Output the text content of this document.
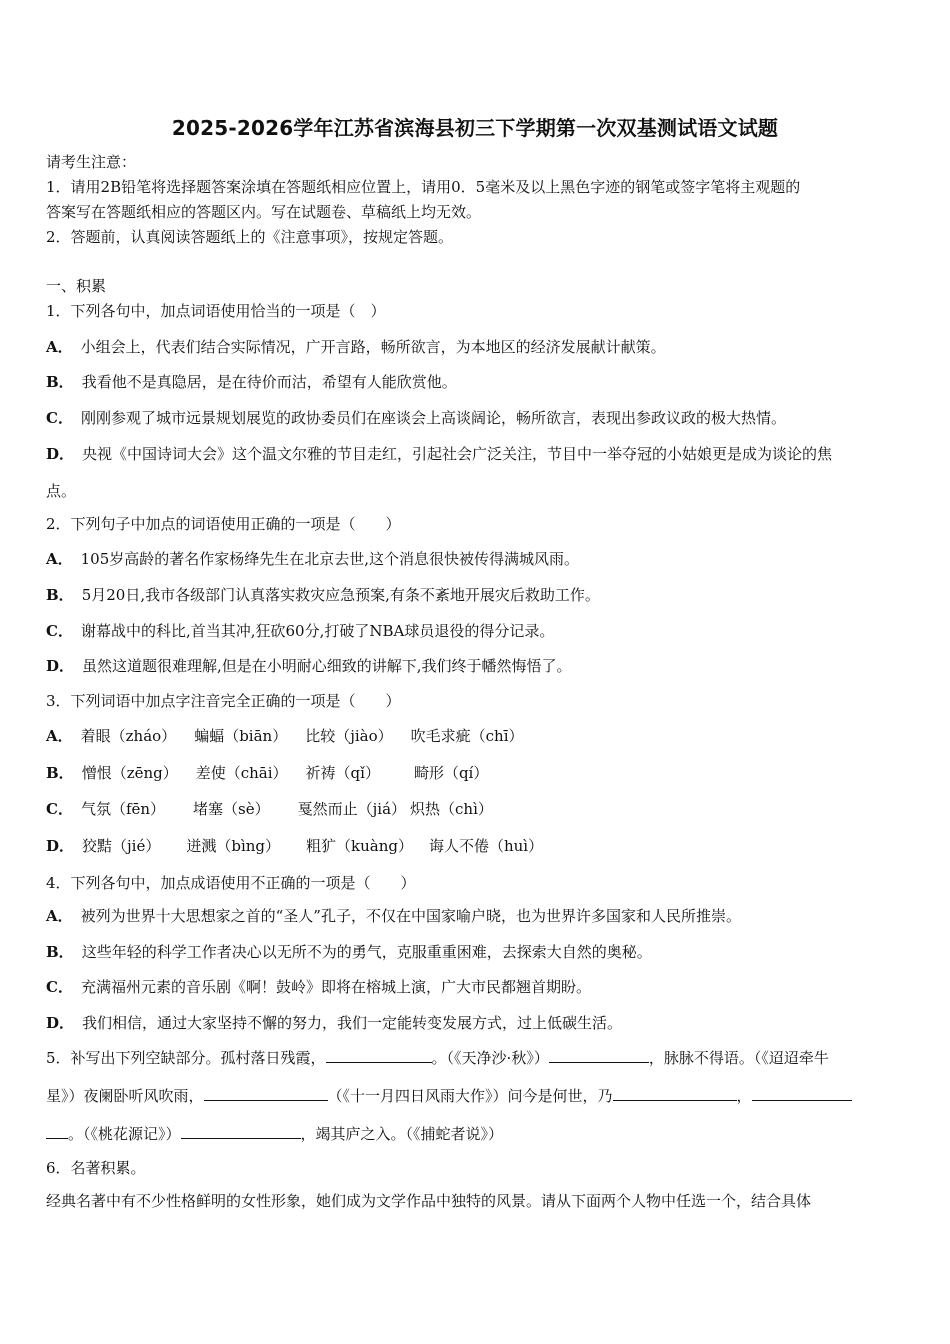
2025-2026学年江苏省滨海县初三下学期第一次双基测试语文试题
请考生注意：
1．请用2B铅笔将选择题答案涂填在答题纸相应位置上，请用0．5毫米及以上黑色字迹的钢笔或签字笔将主观题的
答案写在答题纸相应的答题区内。写在试题卷、草稿纸上均无效。
2．答题前，认真阅读答题纸上的《注意事项》，按规定答题。
一、积累
1．下列各句中，加点词语使用恰当的一项是（　）
A． 小组会上，代表们结合实际情况，广开言路，畅所欲言，为本地区的经济发展献计献策。
B． 我看他不是真隐居，是在待价而沽，希望有人能欣赏他。
C． 刚刚参观了城市远景规划展览的政协委员们在座谈会上高谈阔论，畅所欲言，表现出参政议政的极大热情。
D． 央视《中国诗词大会》这个温文尔雅的节目走红，引起社会广泛关注，节目中一举夺冠的小姑娘更是成为谈论的焦
点。
2．下列句子中加点的词语使用正确的一项是（　　）
A． 105岁高龄的著名作家杨绛先生在北京去世,这个消息很快被传得满城风雨。
B． 5月20日,我市各级部门认真落实救灾应急预案,有条不紊地开展灾后救助工作。
C． 谢幕战中的科比,首当其冲,狂砍60分,打破了NBA球员退役的得分记录。
D． 虽然这道题很难理解,但是在小明耐心细致的讲解下,我们终于幡然悔悟了。
3．下列词语中加点字注音完全正确的一项是（　　）
A． 着眼（zháo） 蝙蝠（biān） 比较（jiào） 吹毛求疵（chī）
B． 憎恨（zēng） 差使（chāi） 祈祷（qǐ） 畸形（qí）
C． 气氛（fēn） 堵塞（sè） 戛然而止（jiá） 炽热（chì）
D． 狡黠（jié） 迸溅（bìng） 粗犷（kuàng） 诲人不倦（huì）
4．下列各句中，加点成语使用不正确的一项是（　　）
A． 被列为世界十大思想家之首的“圣人”孔子，不仅在中国家喻户晓，也为世界许多国家和人民所推崇。
B． 这些年轻的科学工作者决心以无所不为的勇气，克服重重困难，去探索大自然的奥秘。
C． 充满福州元素的音乐剧《啊！鼓岭》即将在榕城上演，广大市民都翘首期盼。
D． 我们相信，通过大家坚持不懈的努力，我们一定能转变发展方式，过上低碳生活。
5．补写出下列空缺部分。孤村落日残霞，	。（《天净沙·秋》）	，脉脉不得语。（《迢迢牵牛
星》）夜阑卧听风吹雨，	（《十一月四日风雨大作》）问今是何世，乃	，
。（《桃花源记》）	，竭其庐之入。（《捕蛇者说》）
6．名著积累。
经典名著中有不少性格鲜明的女性形象，她们成为文学作品中独特的风景。请从下面两个人物中任选一个，结合具体
